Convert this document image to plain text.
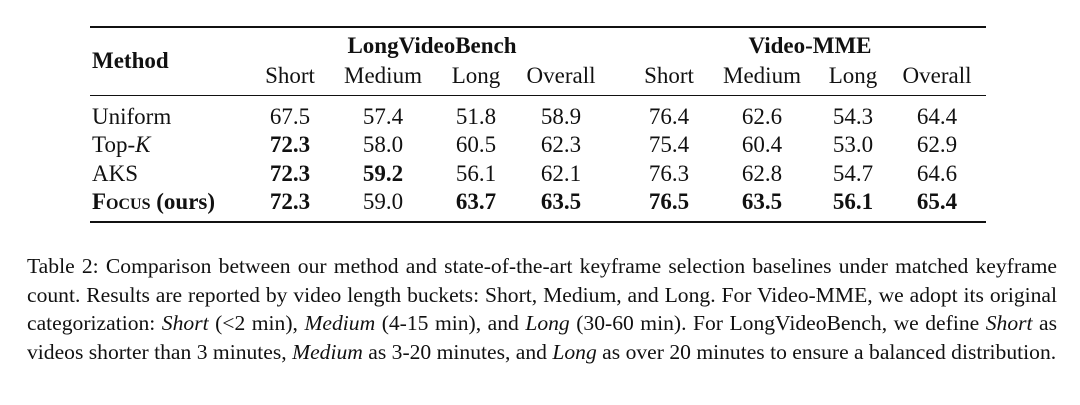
Method
LongVideoBench	Video-MME
Short Medium Long Overall Short Medium Long Overall
Uniform	67.5 57.4 51.8 58.9	76.4 62.6 54.3 64.4
Top-K	72.3 58.0 60.5 62.3	75.4 60.4 53.0 62.9
AKS	72.3 59.2 56.1 62.1	76.3 62.8 54.7 64.6
Focus (ours) 72.3 59.0 63.7 63.5	76.5 63.5 56.1 65.4
Table 2: Comparison between our method and state-of-the-art keyframe selection baselines under matched keyframe count. Results are reported by video length buckets: Short, Medium, and Long. For Video-MME, we adopt its original categorization: Short (<2 min), Medium (4-15 min), and Long (30-60 min). For LongVideoBench, we define Short as videos shorter than 3 minutes, Medium as 3-20 minutes, and Long as over 20 minutes to ensure a balanced distribution.
